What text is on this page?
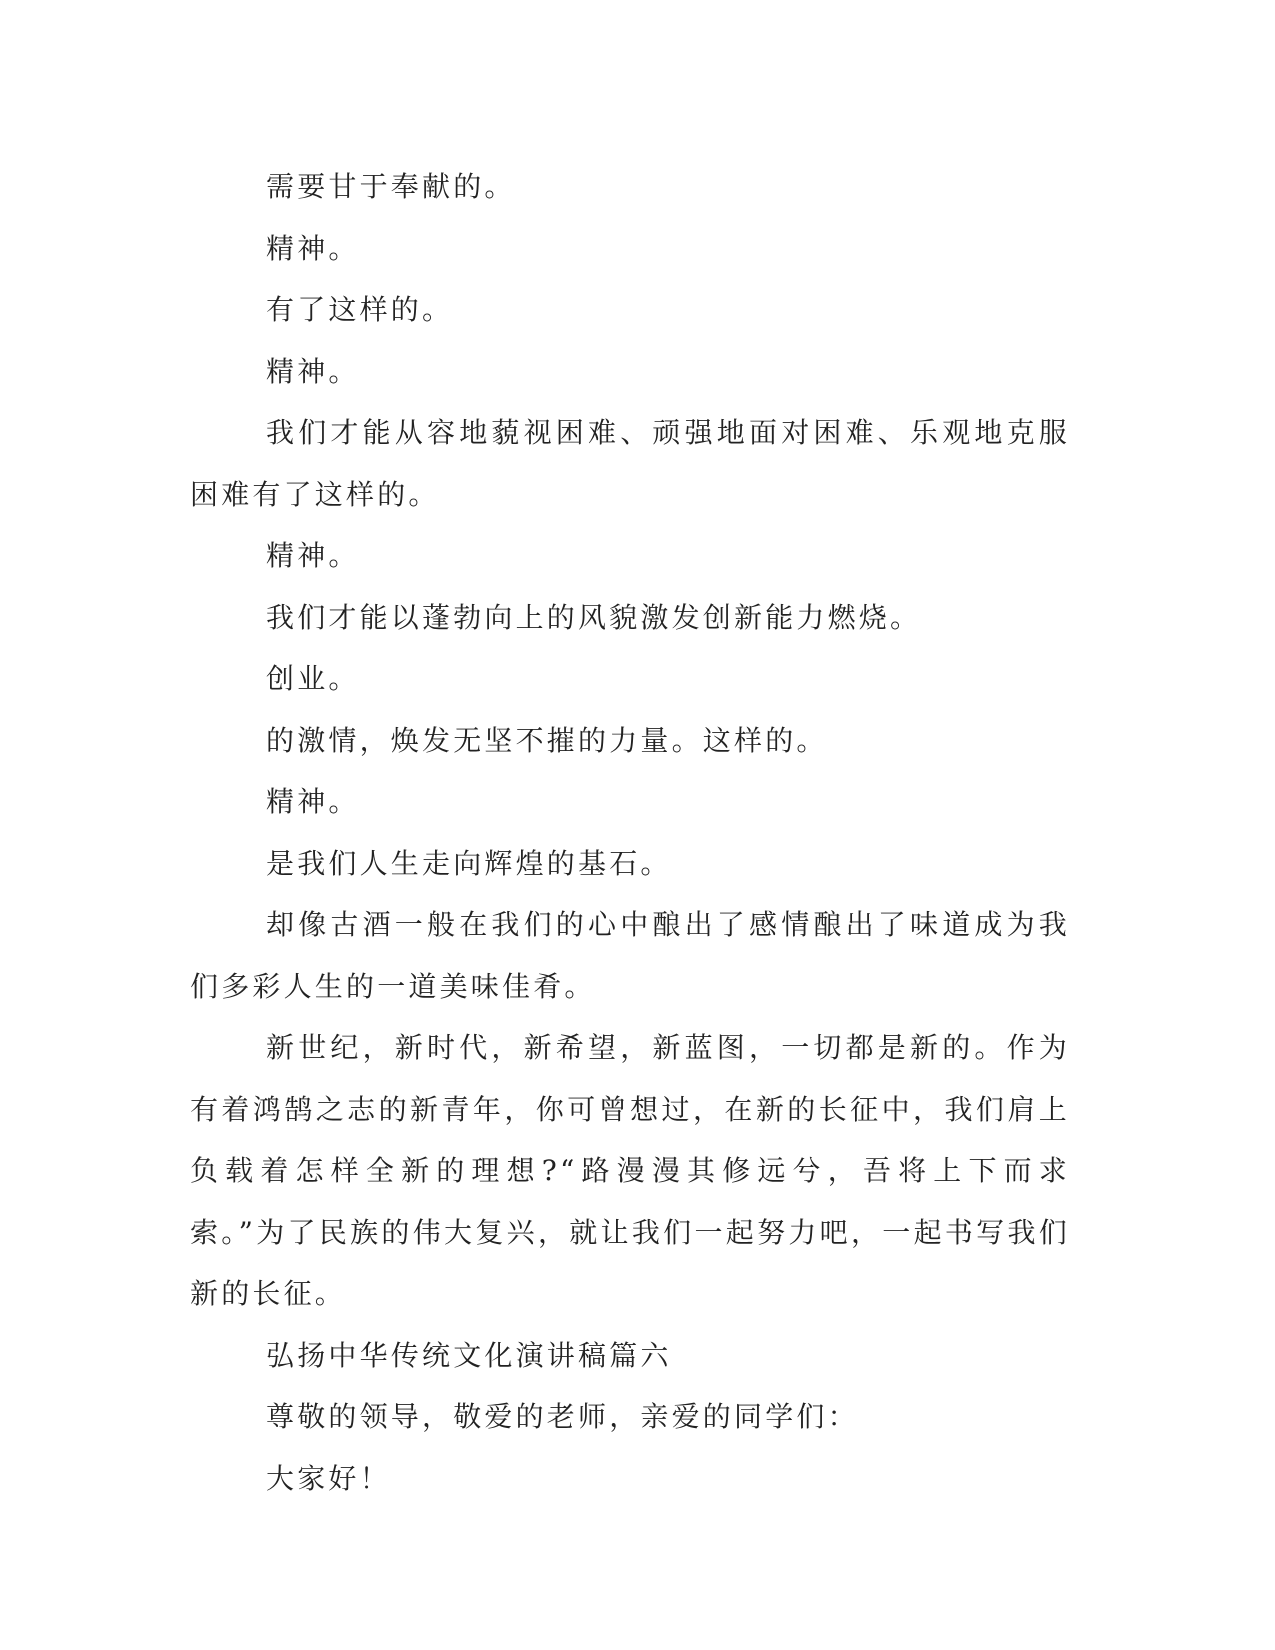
需要甘于奉献的。

精神。

有了这样的。

精神。

我们才能从容地藐视困难、顽强地面对困难、乐观地克服困难有了这样的。

精神。

我们才能以蓬勃向上的风貌激发创新能力燃烧。

创业。

的激情，焕发无坚不摧的力量。这样的。

精神。

是我们人生走向辉煌的基石。

却像古酒一般在我们的心中酿出了感情酿出了味道成为我们多彩人生的一道美味佳肴。

新世纪，新时代，新希望，新蓝图，一切都是新的。作为有着鸿鹄之志的新青年，你可曾想过，在新的长征中，我们肩上负载着怎样全新的理想?“路漫漫其修远兮，吾将上下而求索。”为了民族的伟大复兴，就让我们一起努力吧，一起书写我们新的长征。

弘扬中华传统文化演讲稿篇六

尊敬的领导，敬爱的老师，亲爱的同学们：

大家好！
